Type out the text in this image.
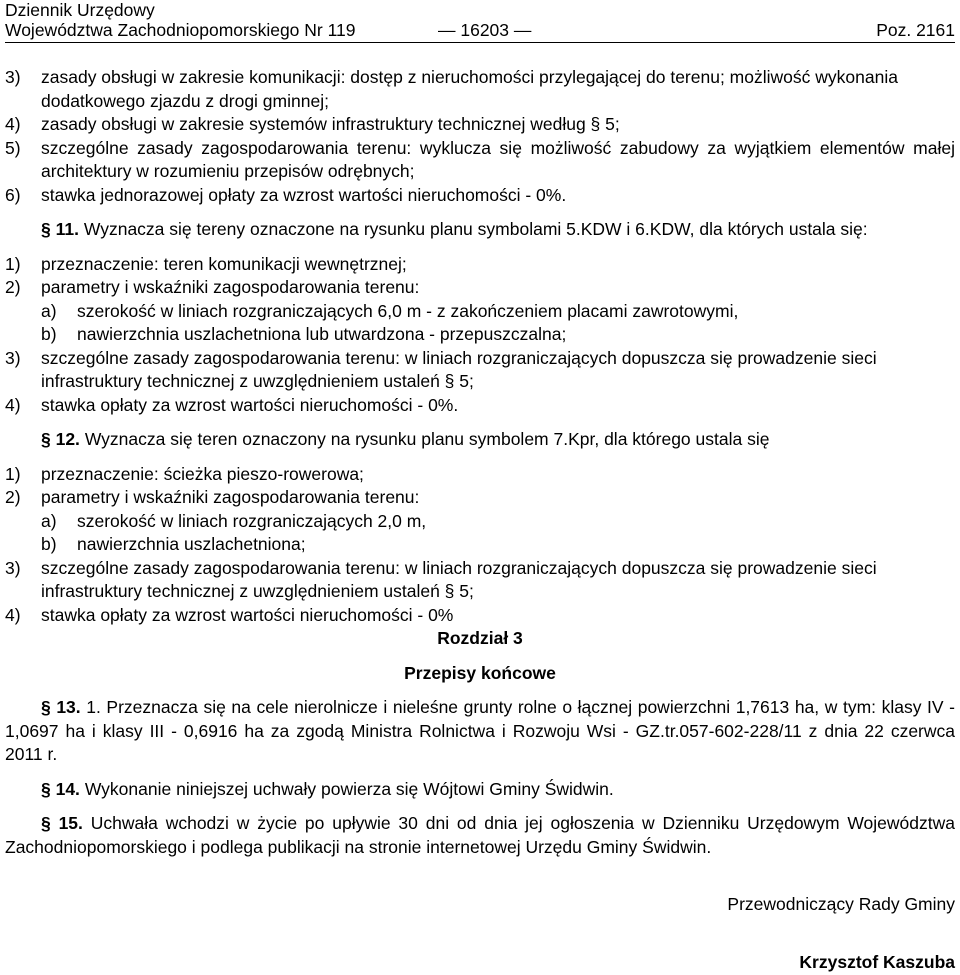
Dziennik Urzędowy
Województwa Zachodniopomorskiego Nr 119	— 16203 —	Poz. 2161
3) zasady obsługi w zakresie komunikacji: dostęp z nieruchomości przylegającej do terenu; możliwość wykonania dodatkowego zjazdu z drogi gminnej;
4) zasady obsługi w zakresie systemów infrastruktury technicznej według § 5;
5) szczególne zasady zagospodarowania terenu: wyklucza się możliwość zabudowy za wyjątkiem elementów małej architektury w rozumieniu przepisów odrębnych;
6) stawka jednorazowej opłaty za wzrost wartości nieruchomości - 0%.
§ 11. Wyznacza się tereny oznaczone na rysunku planu symbolami 5.KDW i 6.KDW, dla których ustala się:
1) przeznaczenie: teren komunikacji wewnętrznej;
2) parametry i wskaźniki zagospodarowania terenu:
a) szerokość w liniach rozgraniczających 6,0 m - z zakończeniem placami zawrotowymi,
b) nawierzchnia uszlachetniona lub utwardzona - przepuszczalna;
3) szczególne zasady zagospodarowania terenu: w liniach rozgraniczających dopuszcza się prowadzenie sieci infrastruktury technicznej z uwzględnieniem ustaleń § 5;
4) stawka opłaty za wzrost wartości nieruchomości - 0%.
§ 12. Wyznacza się teren oznaczony na rysunku planu symbolem 7.Kpr, dla którego ustala się
1) przeznaczenie: ścieżka pieszo-rowerowa;
2) parametry i wskaźniki zagospodarowania terenu:
a) szerokość w liniach rozgraniczających 2,0 m,
b) nawierzchnia uszlachetniona;
3) szczególne zasady zagospodarowania terenu: w liniach rozgraniczających dopuszcza się prowadzenie sieci infrastruktury technicznej z uwzględnieniem ustaleń § 5;
4) stawka opłaty za wzrost wartości nieruchomości - 0%
Rozdział 3
Przepisy końcowe
§ 13. 1. Przeznacza się na cele nierolnicze i nieleśne grunty rolne o łącznej powierzchni 1,7613 ha, w tym: klasy IV - 1,0697 ha i klasy III - 0,6916 ha za zgodą Ministra Rolnictwa i Rozwoju Wsi - GZ.tr.057-602-228/11 z dnia 22 czerwca 2011 r.
§ 14. Wykonanie niniejszej uchwały powierza się Wójtowi Gminy Świdwin.
§ 15. Uchwała wchodzi w życie po upływie 30 dni od dnia jej ogłoszenia w Dzienniku Urzędowym Województwa Zachodniopomorskiego i podlega publikacji na stronie internetowej Urzędu Gminy Świdwin.
Przewodniczący Rady Gminy
Krzysztof Kaszuba
